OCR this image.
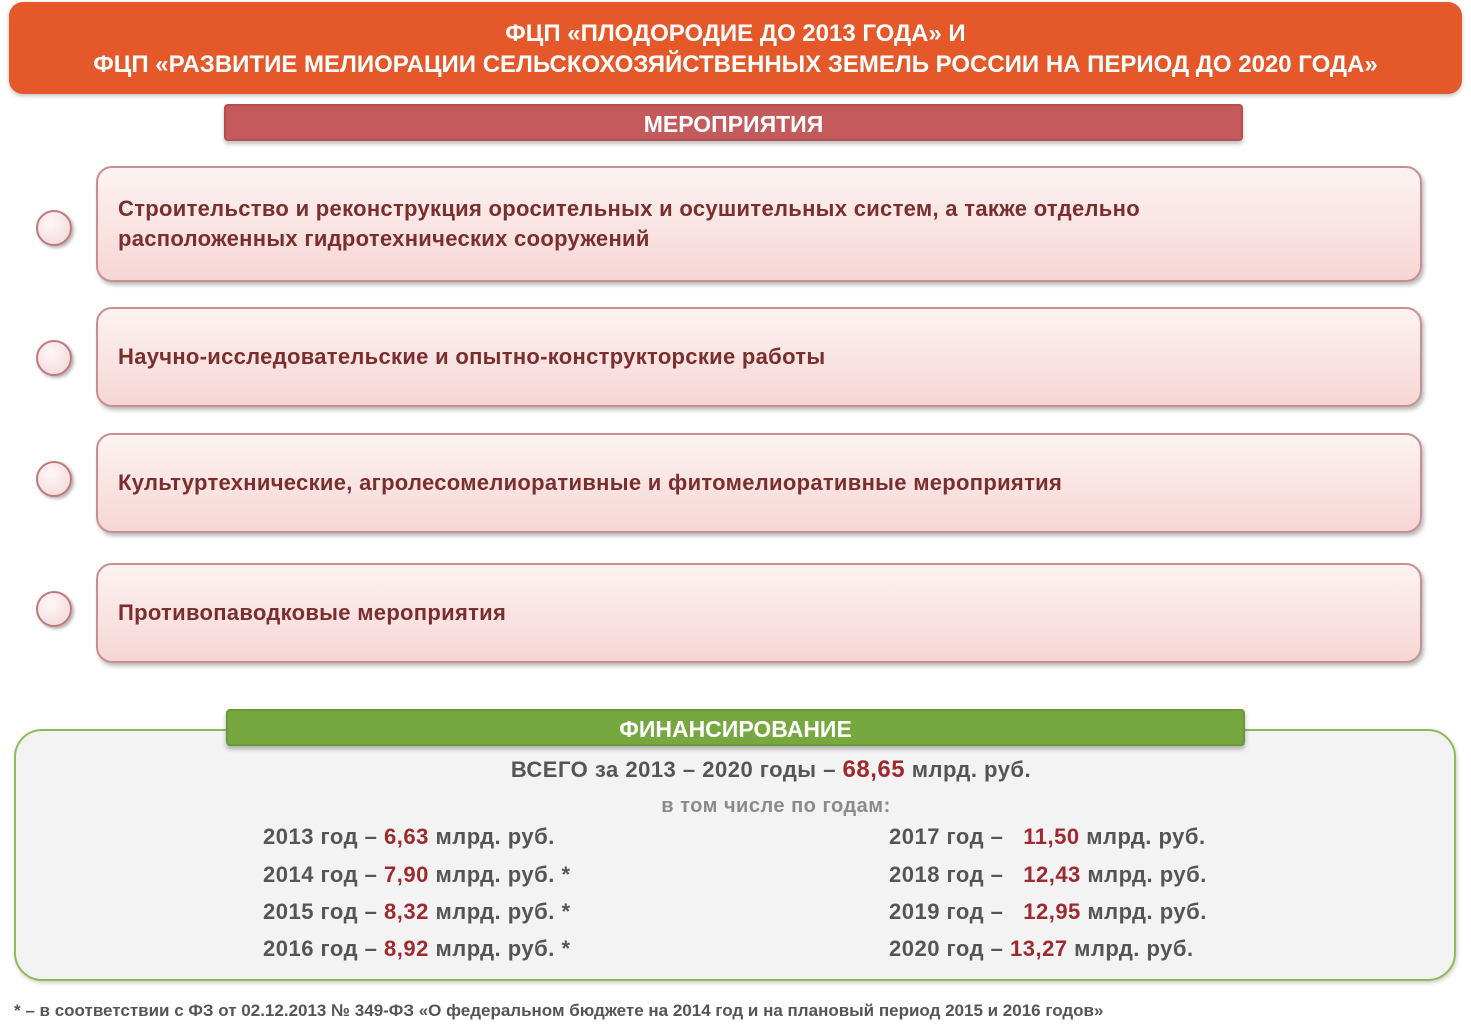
ФЦП «ПЛОДОРОДИЕ ДО 2013 ГОДА» И
ФЦП «РАЗВИТИЕ МЕЛИОРАЦИИ СЕЛЬСКОХОЗЯЙСТВЕННЫХ ЗЕМЕЛЬ РОССИИ НА ПЕРИОД ДО 2020 ГОДА»
МЕРОПРИЯТИЯ
Строительство и реконструкция оросительных и осушительных систем, а также отдельно
расположенных гидротехнических сооружений
Научно-исследовательские и опытно-конструкторские работы
Культуртехнические, агролесомелиоративные и фитомелиоративные мероприятия
Противопаводковые мероприятия
ФИНАНСИРОВАНИЕ
ВСЕГО за 2013 – 2020 годы – 68,65 млрд. руб.
в том числе по годам:
2013 год – 6,63 млрд. руб.
2014 год – 7,90 млрд. руб. *
2015 год – 8,32 млрд. руб. *
2016 год – 8,92 млрд. руб. *
2017 год –   11,50 млрд. руб.
2018 год –   12,43 млрд. руб.
2019 год –   12,95 млрд. руб.
2020 год – 13,27 млрд. руб.
* – в соответствии с ФЗ от 02.12.2013 № 349-ФЗ «О федеральном бюджете на 2014 год и на плановый период 2015 и 2016 годов»
